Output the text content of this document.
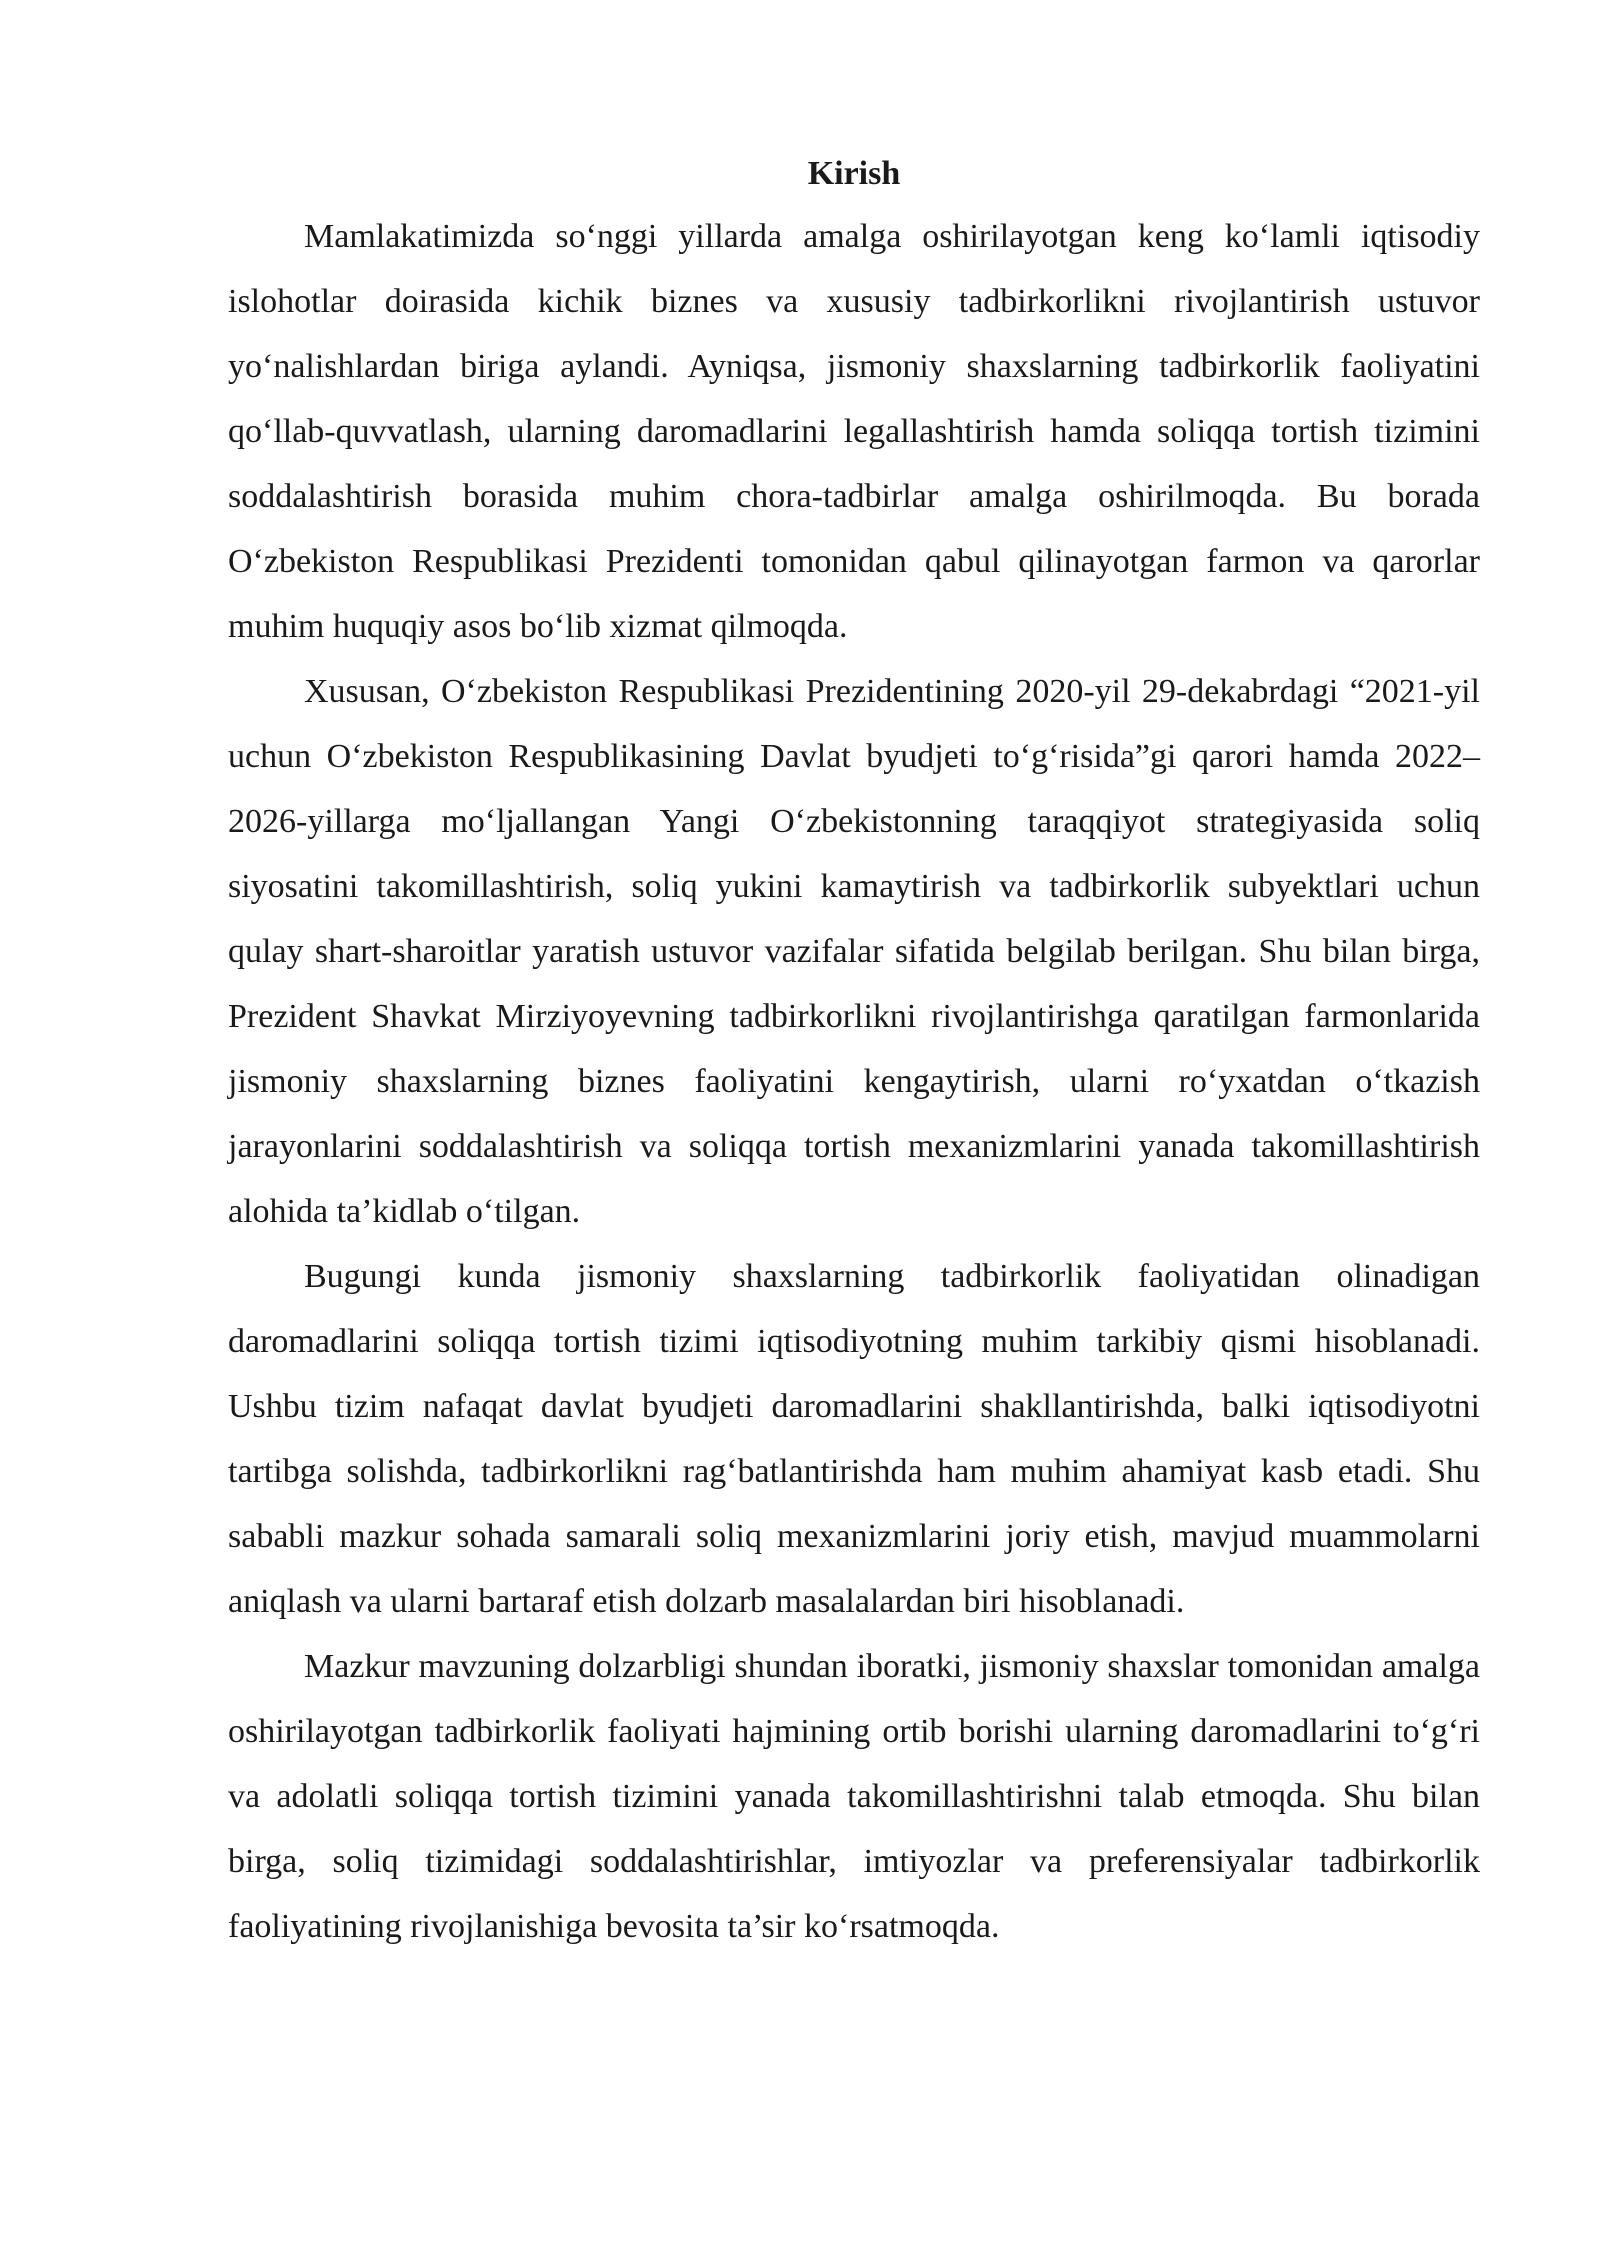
Kirish

Mamlakatimizda so‘nggi yillarda amalga oshirilayotgan keng ko‘lamli iqtisodiy islohotlar doirasida kichik biznes va xususiy tadbirkorlikni rivojlantirish ustuvor yo‘nalishlardan biriga aylandi. Ayniqsa, jismoniy shaxslarning tadbirkorlik faoliyatini qo‘llab-quvvatlash, ularning daromadlarini legallashtirish hamda soliqqa tortish tizimini soddalashtirish borasida muhim chora-tadbirlar amalga oshirilmoqda. Bu borada O‘zbekiston Respublikasi Prezidenti tomonidan qabul qilinayotgan farmon va qarorlar muhim huquqiy asos bo‘lib xizmat qilmoqda.

Xususan, O‘zbekiston Respublikasi Prezidentining 2020-yil 29-dekabrdagi “2021-yil uchun O‘zbekiston Respublikasining Davlat byudjeti to‘g‘risida”gi qarori hamda 2022–2026-yillarga mo‘ljallangan Yangi O‘zbekistonning taraqqiyot strategiyasida soliq siyosatini takomillashtirish, soliq yukini kamaytirish va tadbirkorlik subyektlari uchun qulay shart-sharoitlar yaratish ustuvor vazifalar sifatida belgilab berilgan. Shu bilan birga, Prezident Shavkat Mirziyoyevning tadbirkorlikni rivojlantirishga qaratilgan farmonlarida jismoniy shaxslarning biznes faoliyatini kengaytirish, ularni ro‘yxatdan o‘tkazish jarayonlarini soddalashtirish va soliqqa tortish mexanizmlarini yanada takomillashtirish alohida ta’kidlab o‘tilgan.

Bugungi kunda jismoniy shaxslarning tadbirkorlik faoliyatidan olinadigan daromadlarini soliqqa tortish tizimi iqtisodiyotning muhim tarkibiy qismi hisoblanadi. Ushbu tizim nafaqat davlat byudjeti daromadlarini shakllantirishda, balki iqtisodiyotni tartibga solishda, tadbirkorlikni rag‘batlantirishda ham muhim ahamiyat kasb etadi. Shu sababli mazkur sohada samarali soliq mexanizmlarini joriy etish, mavjud muammolarni aniqlash va ularni bartaraf etish dolzarb masalalardan biri hisoblanadi.

Mazkur mavzuning dolzarbligi shundan iboratki, jismoniy shaxslar tomonidan amalga oshirilayotgan tadbirkorlik faoliyati hajmining ortib borishi ularning daromadlarini to‘g‘ri va adolatli soliqqa tortish tizimini yanada takomillashtirishni talab etmoqda. Shu bilan birga, soliq tizimidagi soddalashtirishlar, imtiyozlar va preferensiyalar tadbirkorlik faoliyatining rivojlanishiga bevosita ta’sir ko‘rsatmoqda.
